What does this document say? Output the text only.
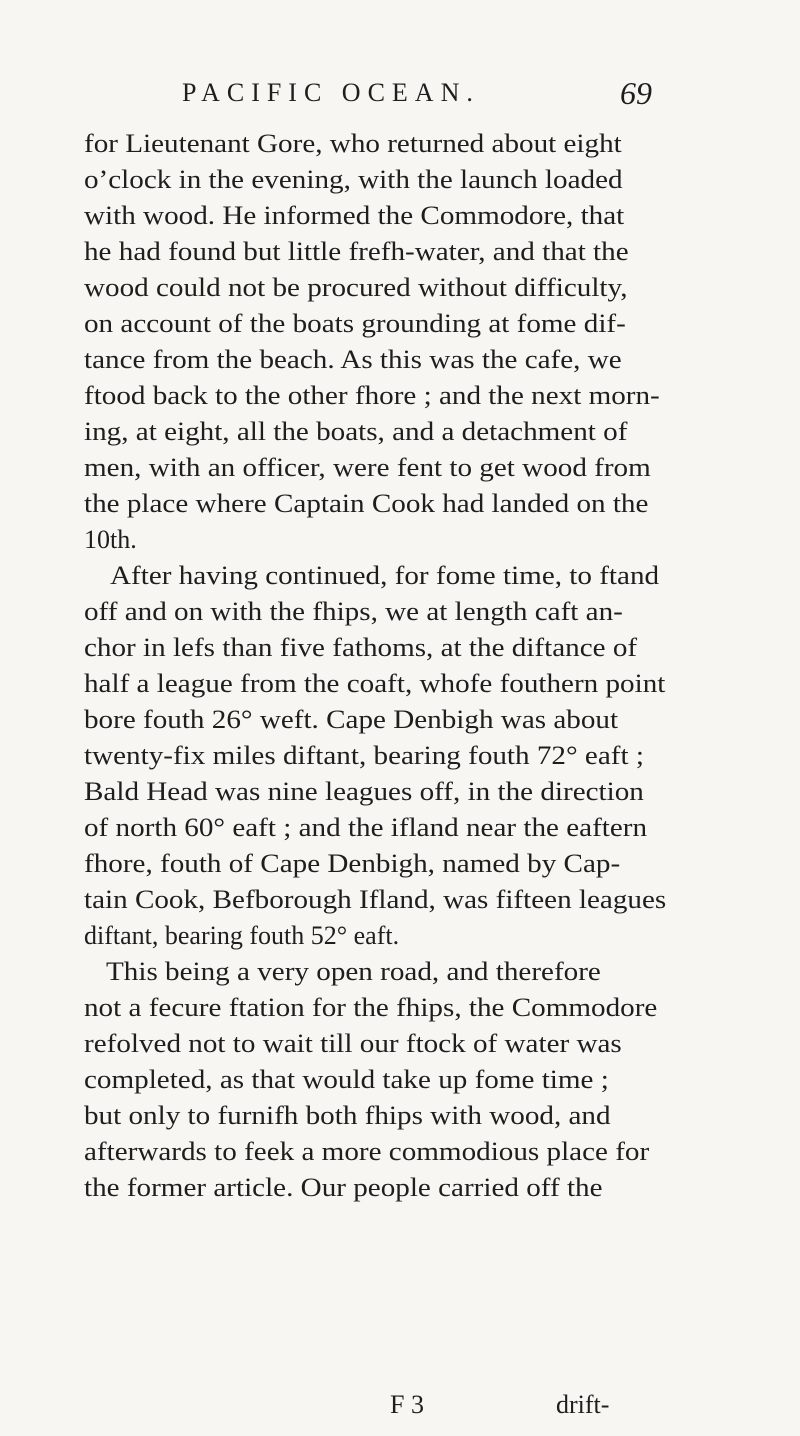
PACIFIC OCEAN.	69
for Lieutenant Gore, who returned about eight
o’clock in the evening, with the launch loaded
with wood. He informed the Commodore, that
he had found but little frefh-water, and that the
wood could not be procured without difficulty,
on account of the boats grounding at fome dif-
tance from the beach. As this was the cafe, we
ftood back to the other fhore ; and the next morn-
ing, at eight, all the boats, and a detachment of
men, with an officer, were fent to get wood from
the place where Captain Cook had landed on the
10th.
After having continued, for fome time, to ftand
off and on with the fhips, we at length caft an-
chor in lefs than five fathoms, at the diftance of
half a league from the coaft, whofe fouthern point
bore fouth 26° weft. Cape Denbigh was about
twenty-fix miles diftant, bearing fouth 72° eaft ;
Bald Head was nine leagues off, in the direction
of north 60° eaft ; and the ifland near the eaftern
fhore, fouth of Cape Denbigh, named by Cap-
tain Cook, Befborough Ifland, was fifteen leagues
diftant, bearing fouth 52° eaft.
This being a very open road, and therefore
not a fecure ftation for the fhips, the Commodore
refolved not to wait till our ftock of water was
completed, as that would take up fome time ;
but only to furnifh both fhips with wood, and
afterwards to feek a more commodious place for
the former article. Our people carried off the
F 3	drift-
